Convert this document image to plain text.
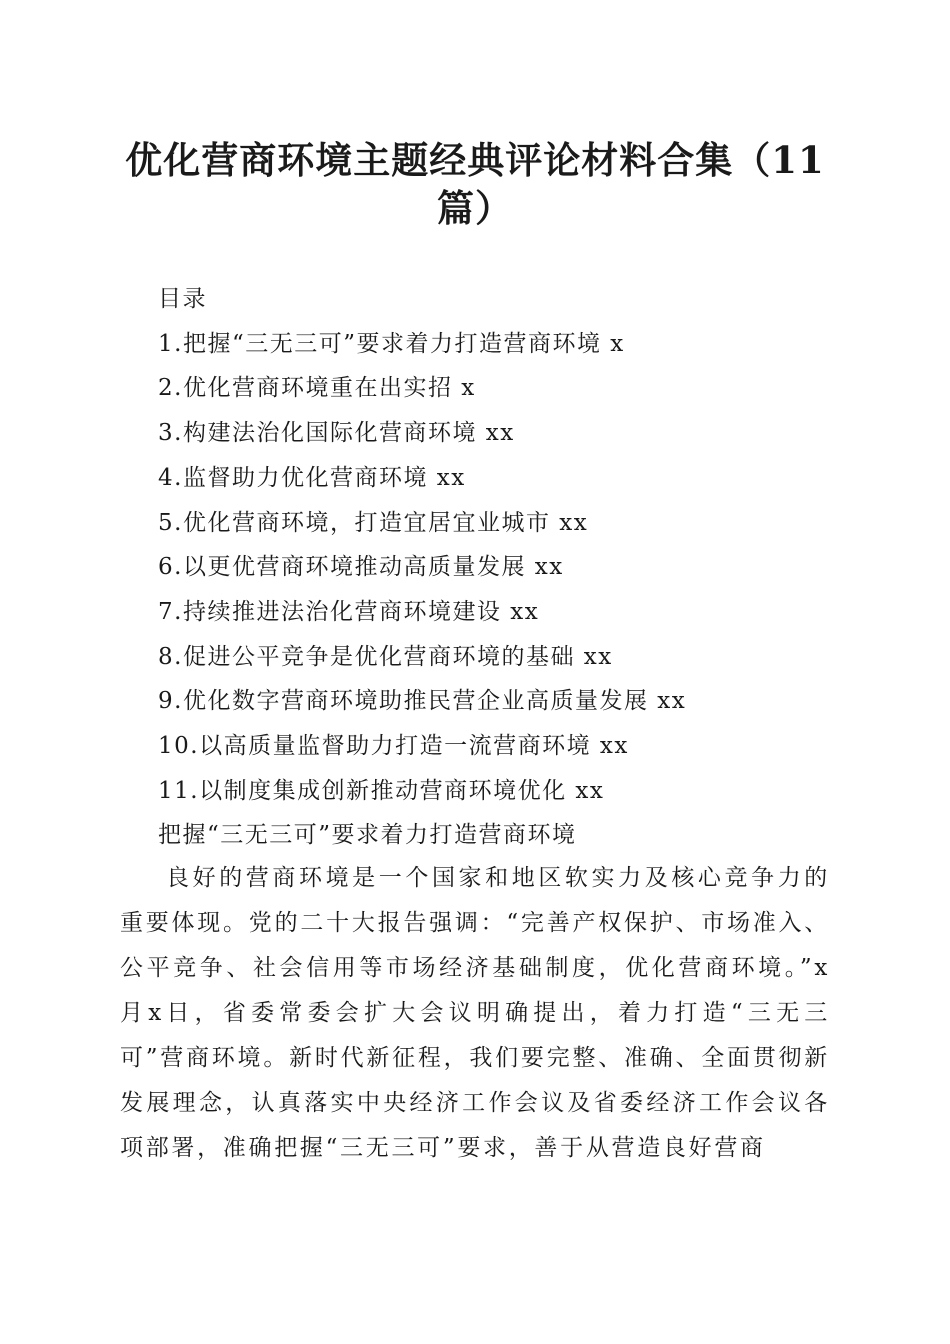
优化营商环境主题经典评论材料合集（11篇）
目录
1.把握“三无三可”要求着力打造营商环境 x
2.优化营商环境重在出实招 x
3.构建法治化国际化营商环境 xx
4.监督助力优化营商环境 xx
5.优化营商环境，打造宜居宜业城市 xx
6.以更优营商环境推动高质量发展 xx
7.持续推进法治化营商环境建设 xx
8.促进公平竞争是优化营商环境的基础 xx
9.优化数字营商环境助推民营企业高质量发展 xx
10.以高质量监督助力打造一流营商环境 xx
11.以制度集成创新推动营商环境优化 xx
把握“三无三可”要求着力打造营商环境

良好的营商环境是一个国家和地区软实力及核心竞争力的重要体现。党的二十大报告强调：“完善产权保护、市场准入、公平竞争、社会信用等市场经济基础制度，优化营商环境。”x月x日，省委常委会扩大会议明确提出，着力打造“三无三可”营商环境。新时代新征程，我们要完整、准确、全面贯彻新发展理念，认真落实中央经济工作会议及省委经济工作会议各项部署，准确把握“三无三可”要求，善于从营造良好营商
